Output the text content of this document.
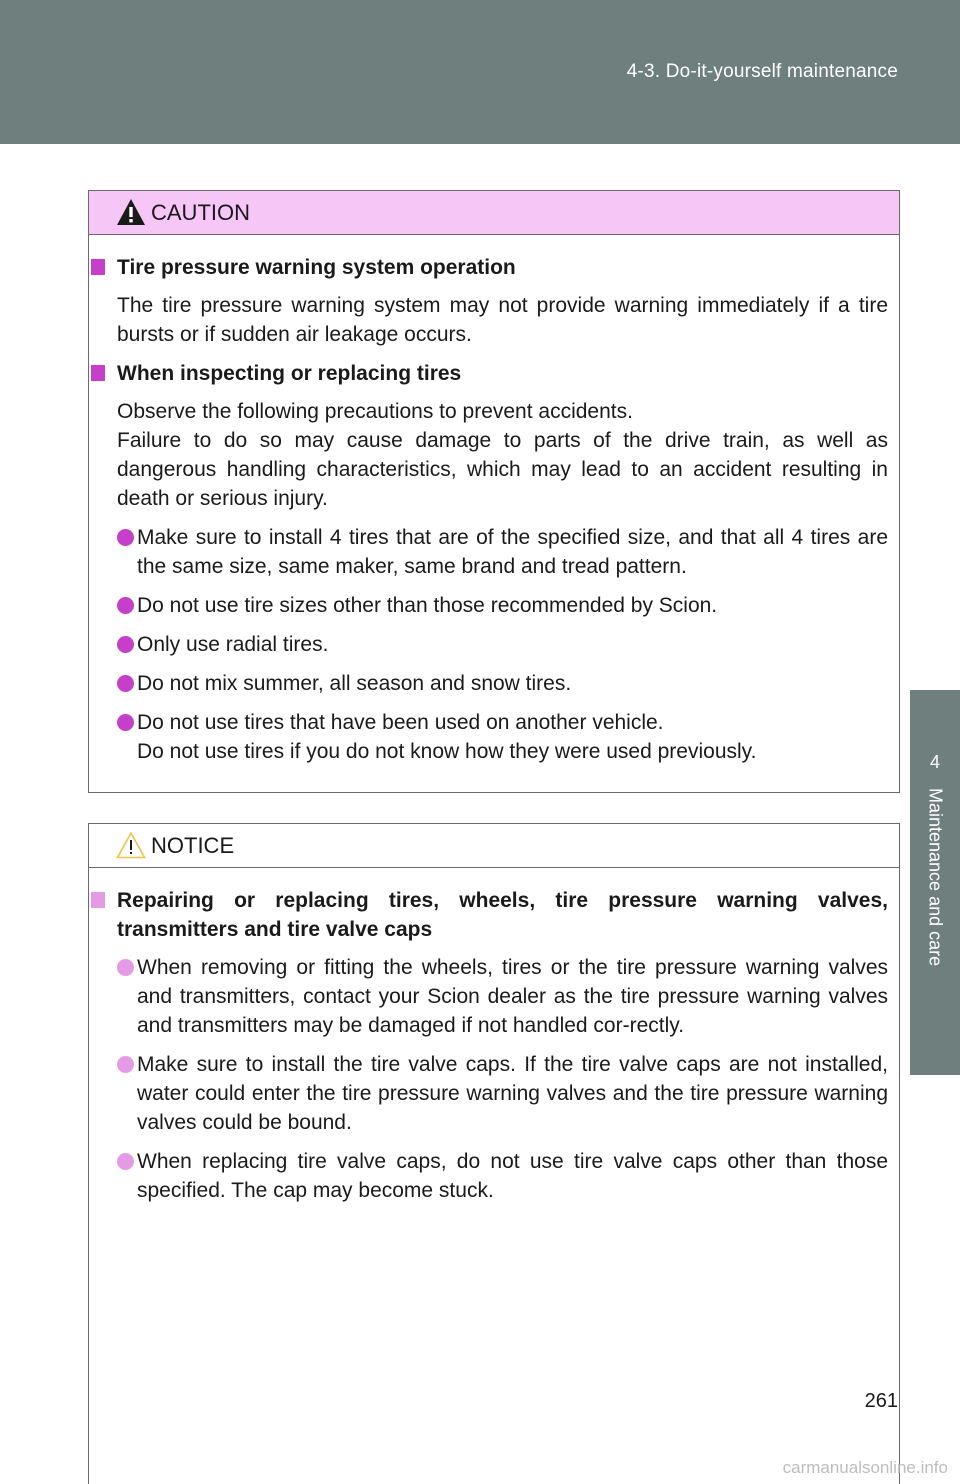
4-3. Do-it-yourself maintenance
4
Maintenance and care
CAUTION
Tire pressure warning system operation
The tire pressure warning system may not provide warning immediately if a tire bursts or if sudden air leakage occurs.
When inspecting or replacing tires
Observe the following precautions to prevent accidents.
Failure to do so may cause damage to parts of the drive train, as well as dangerous handling characteristics, which may lead to an accident resulting in death or serious injury.
Make sure to install 4 tires that are of the specified size, and that all 4 tires are the same size, same maker, same brand and tread pattern.
Do not use tire sizes other than those recommended by Scion.
Only use radial tires.
Do not mix summer, all season and snow tires.
Do not use tires that have been used on another vehicle.
Do not use tires if you do not know how they were used previously.
NOTICE
Repairing or replacing tires, wheels, tire pressure warning valves, transmitters and tire valve caps
When removing or fitting the wheels, tires or the tire pressure warning valves and transmitters, contact your Scion dealer as the tire pressure warning valves and transmitters may be damaged if not handled cor-rectly.
Make sure to install the tire valve caps. If the tire valve caps are not installed, water could enter the tire pressure warning valves and the tire pressure warning valves could be bound.
When replacing tire valve caps, do not use tire valve caps other than those specified. The cap may become stuck.
261
carmanualsonline.info
